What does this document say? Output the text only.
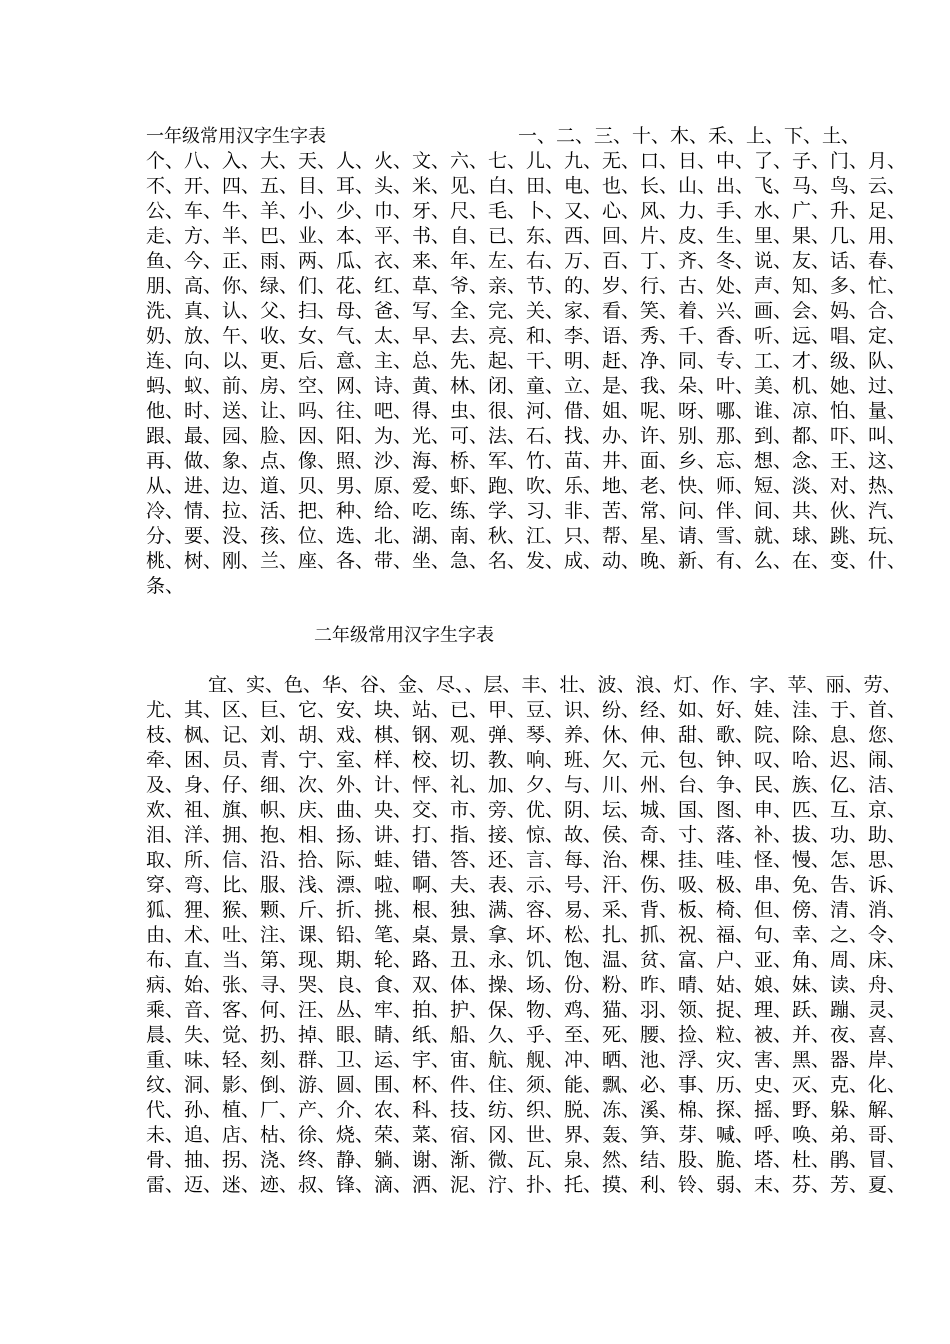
一年级常用汉字生字表	一、二、三、十、木、禾、上、下、土、
个、八、入、大、天、人、火、文、六、七、儿、九、无、口、日、中、了、子、门、月、
不、开、四、五、目、耳、头、米、见、白、田、电、也、长、山、出、飞、马、鸟、云、
公、车、牛、羊、小、少、巾、牙、尺、毛、卜、又、心、风、力、手、水、广、升、足、
走、方、半、巴、业、本、平、书、自、已、东、西、回、片、皮、生、里、果、几、用、
鱼、今、正、雨、两、瓜、衣、来、年、左、右、万、百、丁、齐、冬、说、友、话、春、
朋、高、你、绿、们、花、红、草、爷、亲、节、的、岁、行、古、处、声、知、多、忙、
洗、真、认、父、扫、母、爸、写、全、完、关、家、看、笑、着、兴、画、会、妈、合、
奶、放、午、收、女、气、太、早、去、亮、和、李、语、秀、千、香、听、远、唱、定、
连、向、以、更、后、意、主、总、先、起、干、明、赶、净、同、专、工、才、级、队、
蚂、蚁、前、房、空、网、诗、黄、林、闭、童、立、是、我、朵、叶、美、机、她、过、
他、时、送、让、吗、往、吧、得、虫、很、河、借、姐、呢、呀、哪、谁、凉、怕、量、
跟、最、园、脸、因、阳、为、光、可、法、石、找、办、许、别、那、到、都、吓、叫、
再、做、象、点、像、照、沙、海、桥、军、竹、苗、井、面、乡、忘、想、念、王、这、
从、进、边、道、贝、男、原、爱、虾、跑、吹、乐、地、老、快、师、短、淡、对、热、
冷、情、拉、活、把、种、给、吃、练、学、习、非、苦、常、问、伴、间、共、伙、汽、
分、要、没、孩、位、选、北、湖、南、秋、江、只、帮、星、请、雪、就、球、跳、玩、
桃、树、刚、兰、座、各、带、坐、急、名、发、成、动、晚、新、有、么、在、变、什、
条、
二年级常用汉字生字表
宜、实、色、华、谷、金、尽、、层、丰、壮、波、浪、灯、作、字、苹、丽、劳、
尤、其、区、巨、它、安、块、站、已、甲、豆、识、纷、经、如、好、娃、洼、于、首、
枝、枫、记、刘、胡、戏、棋、钢、观、弹、琴、养、休、伸、甜、歌、院、除、息、您、
牵、困、员、青、宁、室、样、校、切、教、响、班、欠、元、包、钟、叹、哈、迟、闹、
及、身、仔、细、次、外、计、怦、礼、加、夕、与、川、州、台、争、民、族、亿、洁、
欢、祖、旗、帜、庆、曲、央、交、市、旁、优、阴、坛、城、国、图、申、匹、互、京、
泪、洋、拥、抱、相、扬、讲、打、指、接、惊、故、侯、奇、寸、落、补、拔、功、助、
取、所、信、沿、拾、际、蛙、错、答、还、言、每、治、棵、挂、哇、怪、慢、怎、思、
穿、弯、比、服、浅、漂、啦、啊、夫、表、示、号、汗、伤、吸、极、串、免、告、诉、
狐、狸、猴、颗、斤、折、挑、根、独、满、容、易、采、背、板、椅、但、傍、清、消、
由、术、吐、注、课、铅、笔、桌、景、拿、坏、松、扎、抓、祝、福、句、幸、之、令、
布、直、当、第、现、期、轮、路、丑、永、饥、饱、温、贫、富、户、亚、角、周、床、
病、始、张、寻、哭、良、食、双、体、操、场、份、粉、昨、晴、姑、娘、妹、读、舟、
乘、音、客、何、汪、丛、牢、拍、护、保、物、鸡、猫、羽、领、捉、理、跃、蹦、灵、
晨、失、觉、扔、掉、眼、睛、纸、船、久、乎、至、死、腰、捡、粒、被、并、夜、喜、
重、味、轻、刻、群、卫、运、宇、宙、航、舰、冲、晒、池、浮、灾、害、黑、器、岸、
纹、洞、影、倒、游、圆、围、杯、件、住、须、能、飘、必、事、历、史、灭、克、化、
代、孙、植、厂、产、介、农、科、技、纺、织、脱、冻、溪、棉、探、摇、野、躲、解、
未、追、店、枯、徐、烧、荣、菜、宿、冈、世、界、轰、笋、芽、喊、呼、唤、弟、哥、
骨、抽、拐、浇、终、静、躺、谢、渐、微、瓦、泉、然、结、股、脆、塔、杜、鹃、冒、
雷、迈、迷、迹、叔、锋、滴、洒、泥、泞、扑、托、摸、利、铃、弱、末、芬、芳、夏、
